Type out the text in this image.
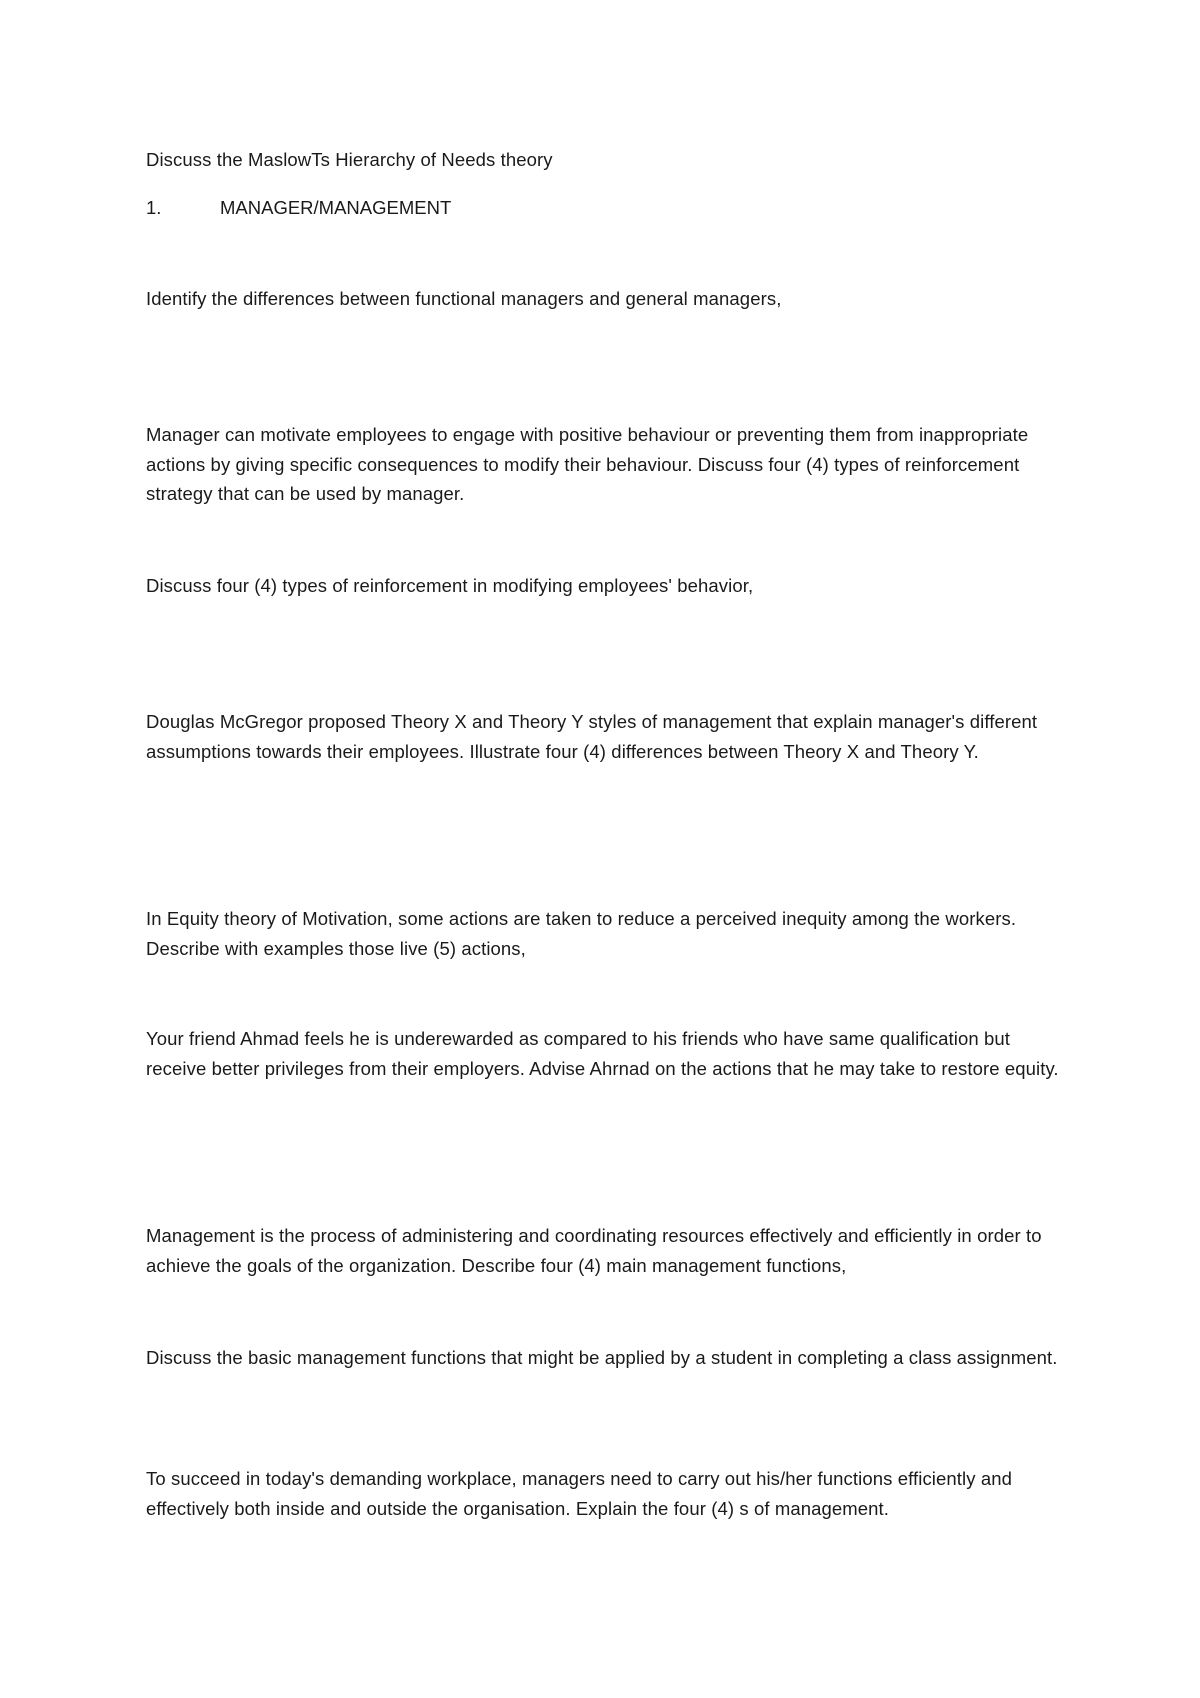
Discuss the MaslowTs Hierarchy of Needs theory

1.	MANAGER/MANAGEMENT

Identify the differences between functional managers and general managers,

Manager can motivate employees to engage with positive behaviour or preventing them from inappropriate actions by giving specific consequences to modify their behaviour. Discuss four (4) types of reinforcement strategy that can be used by manager.

Discuss four (4) types of reinforcement in modifying employees' behavior,

Douglas McGregor proposed Theory X and Theory Y styles of management that explain manager's different assumptions towards their employees. Illustrate four (4) differences between Theory X and Theory Y.

In Equity theory of Motivation, some actions are taken to reduce a perceived inequity among the workers. Describe with examples those live (5) actions,

Your friend Ahmad feels he is underewarded as compared to his friends who have same qualification but receive better privileges from their employers. Advise Ahrnad on the actions that he may take to restore equity.

Management is the process of administering and coordinating resources effectively and efficiently in order to achieve the goals of the organization. Describe four (4) main management functions,

Discuss the basic management functions that might be applied by a student in completing a class assignment.

To succeed in today's demanding workplace, managers need to carry out his/her functions efficiently and effectively both inside and outside the organisation. Explain the four (4) s of management.
